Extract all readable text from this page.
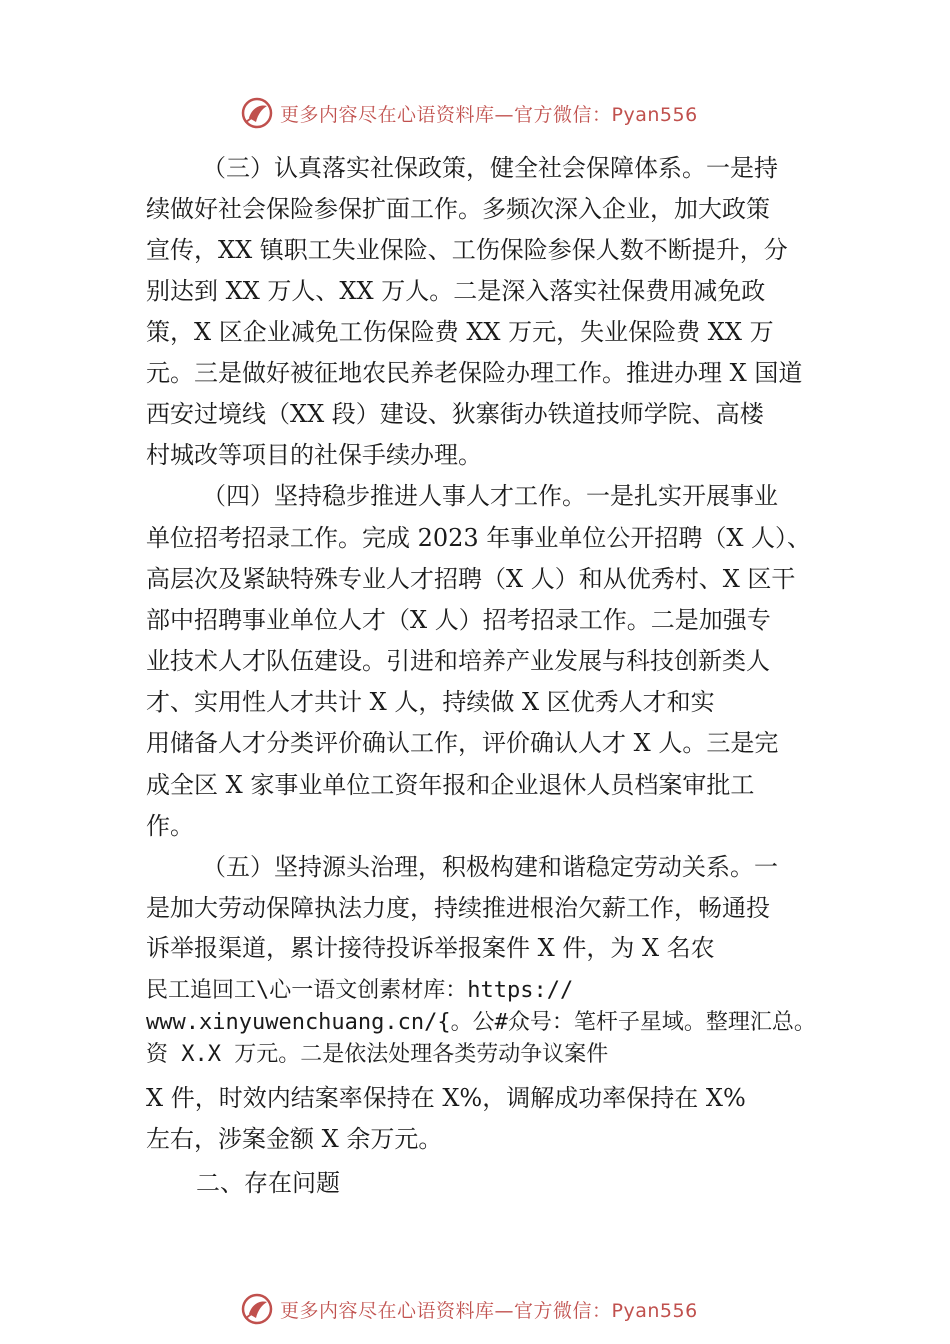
更多内容尽在心语资料库—官方微信：Pyan556
（三）认真落实社保政策，健全社会保障体系。一是持
续做好社会保险参保扩面工作。多频次深入企业，加大政策
宣传，XX 镇职工失业保险、工伤保险参保人数不断提升，分
别达到 XX 万人、XX 万人。二是深入落实社保费用减免政
策，X 区企业减免工伤保险费 XX 万元，失业保险费 XX 万
元。三是做好被征地农民养老保险办理工作。推进办理 X 国道
西安过境线（XX 段）建设、狄寨街办铁道技师学院、高楼
村城改等项目的社保手续办理。
（四）坚持稳步推进人事人才工作。一是扎实开展事业
单位招考招录工作。完成 2023 年事业单位公开招聘（X 人）、
高层次及紧缺特殊专业人才招聘（X 人）和从优秀村、X 区干
部中招聘事业单位人才（X 人）招考招录工作。二是加强专
业技术人才队伍建设。引进和培养产业发展与科技创新类人
才、实用性人才共计 X 人，持续做 X 区优秀人才和实
用储备人才分类评价确认工作，评价确认人才 X 人。三是完
成全区 X 家事业单位工资年报和企业退休人员档案审批工
作。
（五）坚持源头治理，积极构建和谐稳定劳动关系。一
是加大劳动保障执法力度，持续推进根治欠薪工作，畅通投
诉举报渠道，累计接待投诉举报案件 X 件，为 X 名农
民工追回工\心一语文创素材库：https://
www.xinyuwenchuang.cn/{。公#众号：笔杆子星域。整理汇总。
资 X.X 万元。二是依法处理各类劳动争议案件
X 件，时效内结案率保持在 X%，调解成功率保持在 X%
左右，涉案金额 X 余万元。
二、存在问题
更多内容尽在心语资料库—官方微信：Pyan556
